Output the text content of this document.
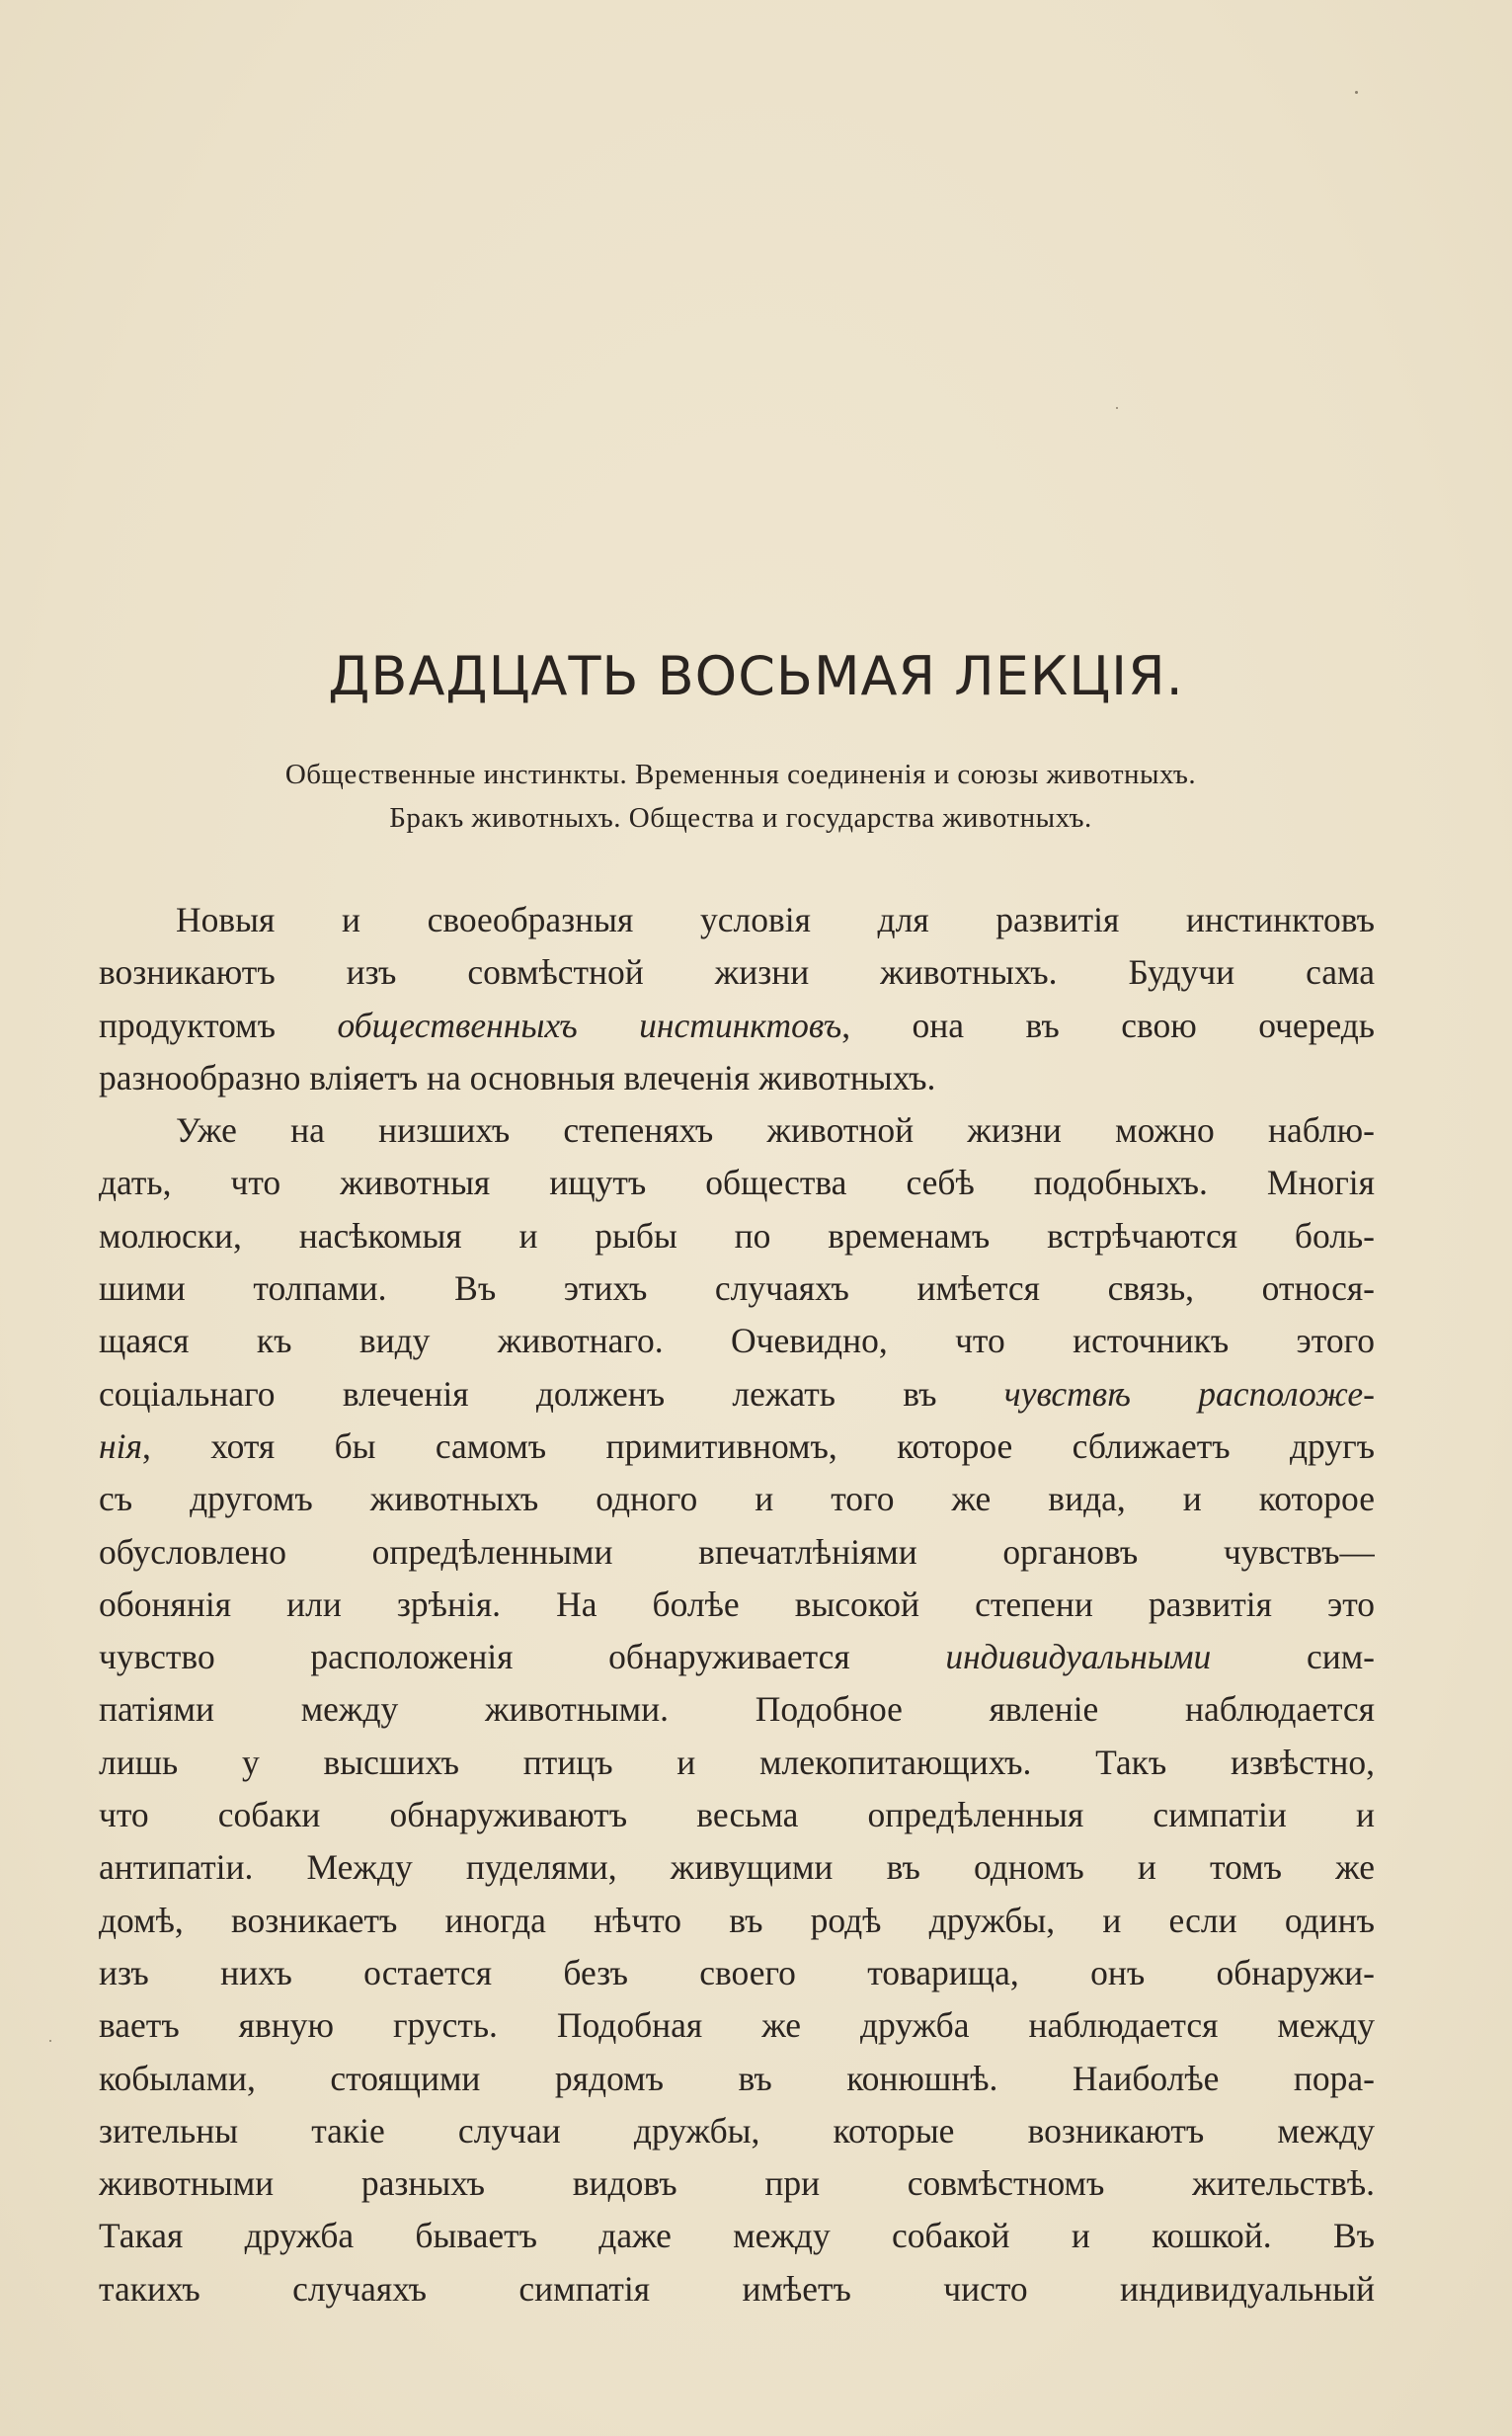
ДВАДЦАТЬ ВОСЬМАЯ ЛЕКЦІЯ.
Общественные инстинкты. Временныя соединенія и союзы животныхъ.
Бракъ животныхъ. Общества и государства животныхъ.
Новыя и своеобразныя условія для развитія инстинктовъ
возникаютъ изъ совмѣстной жизни животныхъ. Будучи сама
продуктомъ общественныхъ инстинктовъ, она въ свою очередь
разнообразно вліяетъ на основныя влеченія животныхъ.
Уже на низшихъ степеняхъ животной жизни можно наблю-
дать, что животныя ищутъ общества себѣ подобныхъ. Многія
молюски, насѣкомыя и рыбы по временамъ встрѣчаются боль-
шими толпами. Въ этихъ случаяхъ имѣется связь, относя-
щаяся къ виду животнаго. Очевидно, что источникъ этого
соціальнаго влеченія долженъ лежать въ чувствѣ расположе-
нія, хотя бы самомъ примитивномъ, которое сближаетъ другъ
съ другомъ животныхъ одного и того же вида, и которое
обусловлено опредѣленными впечатлѣніями органовъ чувствъ—
обонянія или зрѣнія. На болѣе высокой степени развитія это
чувство расположенія обнаруживается индивидуальными сим-
патіями между животными. Подобное явленіе наблюдается
лишь у высшихъ птицъ и млекопитающихъ. Такъ извѣстно,
что собаки обнаруживаютъ весьма опредѣленныя симпатіи и
антипатіи. Между пуделями, живущими въ одномъ и томъ же
домѣ, возникаетъ иногда нѣчто въ родѣ дружбы, и если одинъ
изъ нихъ остается безъ своего товарища, онъ обнаружи-
ваетъ явную грусть. Подобная же дружба наблюдается между
кобылами, стоящими рядомъ въ конюшнѣ. Наиболѣе пора-
зительны такіе случаи дружбы, которые возникаютъ между
животными разныхъ видовъ при совмѣстномъ жительствѣ.
Такая дружба бываетъ даже между собакой и кошкой. Въ
такихъ случаяхъ симпатія имѣетъ чисто индивидуальный
